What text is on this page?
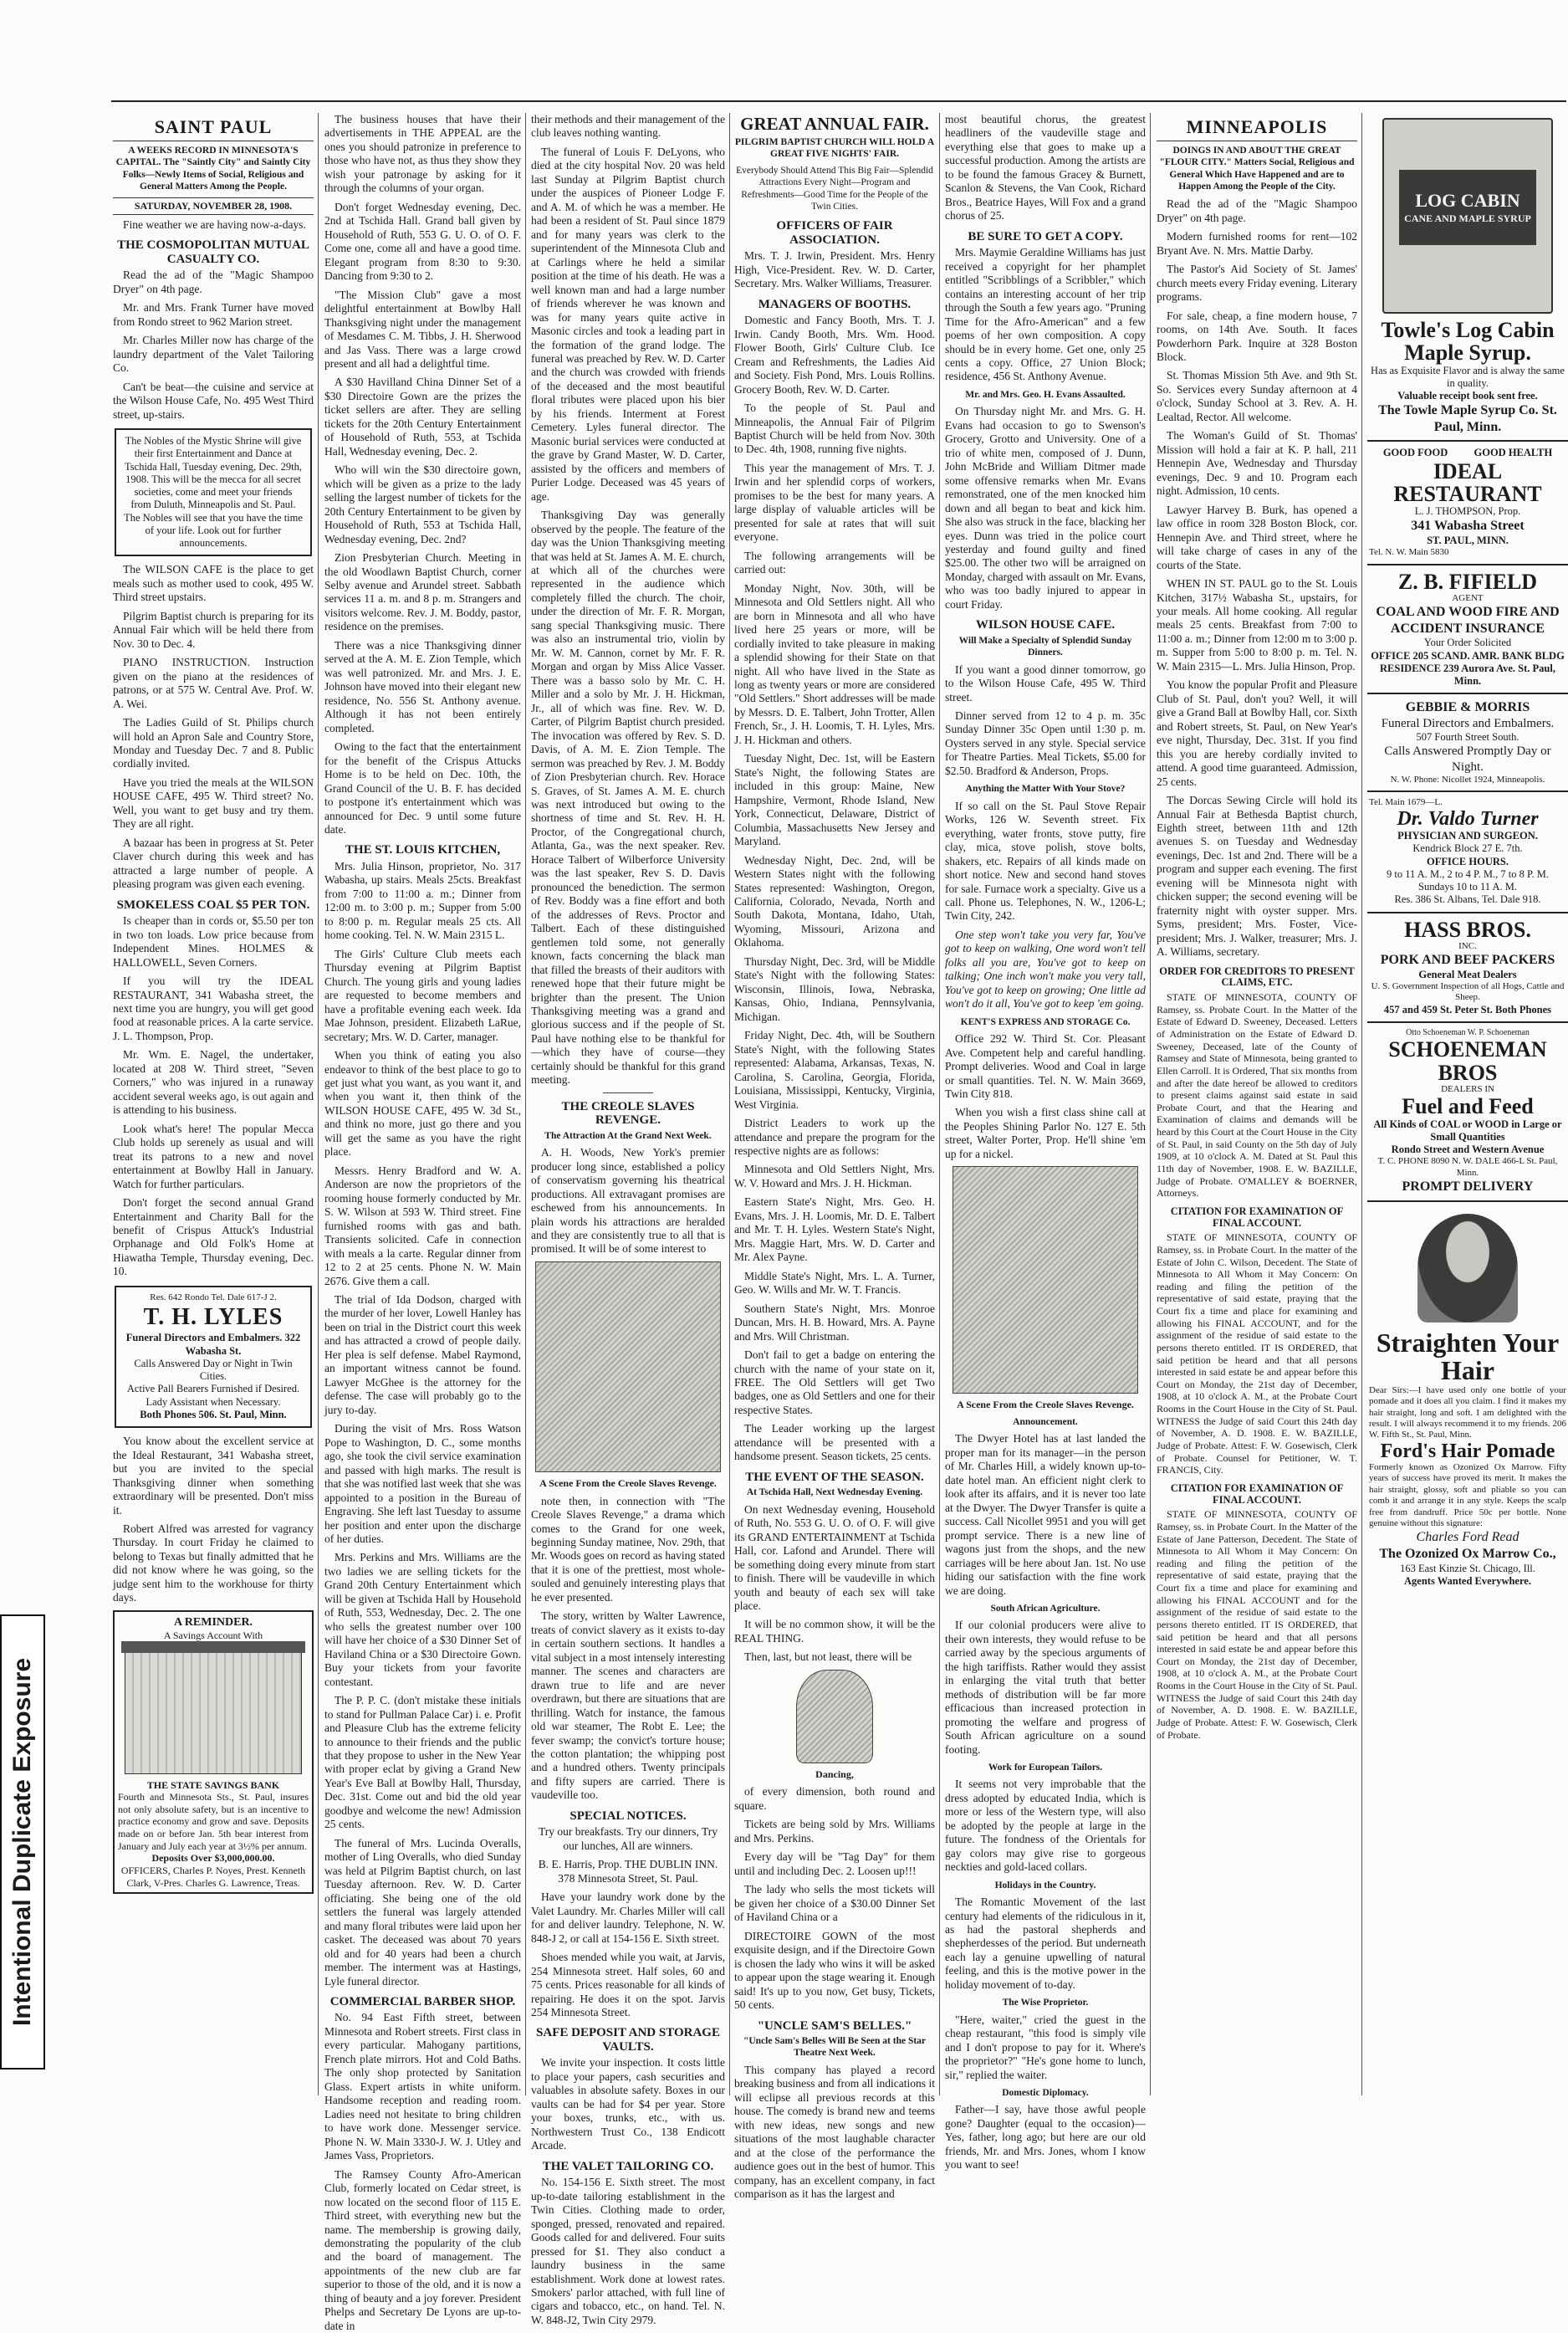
SAINT PAUL
A WEEKS RECORD IN MINNESOTA'S CAPITAL. The "Saintly City" and Saintly City Folks—Newly Items of Social, Religious and General Matters Among the People.
SATURDAY, NOVEMBER 28, 1908.

Fine weather we are having now-a-days.

THE COSMOPOLITAN MUTUAL CASUALTY CO.

Read the ad of the "Magic Shampoo Dryer" on 4th page.

Mr. and Mrs. Frank Turner have moved from Rondo street to 962 Marion street.

Mr. Charles Miller now has charge of the laundry department of the Valet Tailoring Co.

Can't be beat—the cuisine and service at the Wilson House Cafe, No. 495 West Third street, up-stairs.

The Nobles of the Mystic Shrine will give their first Entertainment and Dance at Tschida Hall, Tuesday evening, Dec. 29th, 1908. This will be the mecca for all secret societies, come and meet your friends from Duluth, Minneapolis and St. Paul. The Nobles will see that you have the time of your life. Look out for further announcements.

The WILSON CAFE is the place to get meals such as mother used to cook, 495 W. Third street upstairs.

Pilgrim Baptist church is preparing for its Annual Fair which will be held there from Nov. 30 to Dec. 4.

PIANO INSTRUCTION. Instruction given on the piano at the residences of patrons, or at 575 W. Central Ave. Prof. W. A. Wei.

The Ladies Guild of St. Philips church will hold an Apron Sale and Country Store, Monday and Tuesday Dec. 7 and 8. Public cordially invited.

Have you tried the meals at the WILSON HOUSE CAFE, 495 W. Third street? No. Well, you want to get busy and try them. They are all right.

A bazaar has been in progress at St. Peter Claver church during this week and has attracted a large number of people. A pleasing program was given each evening.

SMOKELESS COAL $5 PER TON.

Is cheaper than in cords or, $5.50 per ton in two ton loads. Low price because from Independent Mines. HOLMES & HALLOWELL, Seven Corners.

If you will try the IDEAL RESTAURANT, 341 Wabasha street, the next time you are hungry, you will get good food at reasonable prices. A la carte service. J. L. Thompson, Prop.

Mr. Wm. E. Nagel, the undertaker, located at 208 W. Third street, "Seven Corners," who was injured in a runaway accident several weeks ago, is out again and is attending to his business.

Look what's here! The popular Mecca Club holds up serenely as usual and will treat its patrons to a new and novel entertainment at Bowlby Hall in January. Watch for further particulars.

Don't forget the second annual Grand Entertainment and Charity Ball for the benefit of Crispus Attuck's Industrial Orphanage and Old Folk's Home at Hiawatha Temple, Thursday evening, Dec. 10.

Res. 642 Rondo Tel. Dale 617-J 2.
T. H. LYLES
Funeral Directors and Embalmers. 322 Wabasha St.
Calls Answered Day or Night in Twin Cities.
Active Pall Bearers Furnished if Desired. Lady Assistant when Necessary.
Both Phones 506. St. Paul, Minn.

You know about the excellent service at the Ideal Restaurant, 341 Wabasha street, but you are invited to the special Thanksgiving dinner when something extraordinary will be presented. Don't miss it.

Robert Alfred was arrested for vagrancy Thursday. In court Friday he claimed to belong to Texas but finally admitted that he did not know where he was going, so the judge sent him to the workhouse for thirty days.

A REMINDER.
A Savings Account With
THE STATE SAVINGS BANK
Fourth and Minnesota Sts., St. Paul, insures not only absolute safety, but is an incentive to practice economy and grow and save. Deposits made on or before Jan. 5th bear interest from January and July each year at 3½% per annum.
Deposits Over $3,000,000.00.
OFFICERS, Charles P. Noyes, Prest. Kenneth Clark, V-Pres. Charles G. Lawrence, Treas.

The business houses that have their advertisements in THE APPEAL are the ones you should patronize in preference to those who have not, as thus they show they wish your patronage by asking for it through the columns of your organ.

Don't forget Wednesday evening, Dec. 2nd at Tschida Hall. Grand ball given by Household of Ruth, 553 G. U. O. of O. F. Come one, come all and have a good time. Elegant program from 8:30 to 9:30. Dancing from 9:30 to 2.

"The Mission Club" gave a most delightful entertainment at Bowlby Hall Thanksgiving night under the management of Mesdames C. M. Tibbs, J. H. Sherwood and Jas Vass. There was a large crowd present and all had a delightful time.

A $30 Havilland China Dinner Set of a $30 Directoire Gown are the prizes the ticket sellers are after. They are selling tickets for the 20th Century Entertainment of Household of Ruth, 553, at Tschida Hall, Wednesday evening, Dec. 2.

Who will win the $30 directoire gown, which will be given as a prize to the lady selling the largest number of tickets for the 20th Century Entertainment to be given by Household of Ruth, 553 at Tschida Hall, Wednesday evening, Dec. 2nd?

Zion Presbyterian Church. Meeting in the old Woodlawn Baptist Church, corner Selby avenue and Arundel street. Sabbath services 11 a. m. and 8 p. m. Strangers and visitors welcome. Rev. J. M. Boddy, pastor, residence on the premises.

There was a nice Thanksgiving dinner served at the A. M. E. Zion Temple, which was well patronized. Mr. and Mrs. J. E. Johnson have moved into their elegant new residence, No. 556 St. Anthony avenue. Although it has not been entirely completed.

Owing to the fact that the entertainment for the benefit of the Crispus Attucks Home is to be held on Dec. 10th, the Grand Council of the U. B. F. has decided to postpone it's entertainment which was announced for Dec. 9 until some future date.

THE ST. LOUIS KITCHEN,

Mrs. Julia Hinson, proprietor, No. 317 Wabasha, up stairs. Meals 25cts. Breakfast from 7:00 to 11:00 a. m.; Dinner from 12:00 m. to 3:00 p. m.; Supper from 5:00 to 8:00 p. m. Regular meals 25 cts. All home cooking. Tel. N. W. Main 2315 L.

The Girls' Culture Club meets each Thursday evening at Pilgrim Baptist Church. The young girls and young ladies are requested to become members and have a profitable evening each week. Ida Mae Johnson, president. Elizabeth LaRue, secretary; Mrs. W. D. Carter, manager.

When you think of eating you also endeavor to think of the best place to go to get just what you want, as you want it, and when you want it, then think of the WILSON HOUSE CAFE, 495 W. 3d St., and think no more, just go there and you will get the same as you have the right place.

Messrs. Henry Bradford and W. A. Anderson are now the proprietors of the rooming house formerly conducted by Mr. S. W. Wilson at 593 W. Third street. Fine furnished rooms with gas and bath. Transients solicited. Cafe in connection with meals a la carte. Regular dinner from 12 to 2 at 25 cents. Phone N. W. Main 2676. Give them a call.

The trial of Ida Dodson, charged with the murder of her lover, Lowell Hanley has been on trial in the District court this week and has attracted a crowd of people daily. Her plea is self defense. Mabel Raymond, an important witness cannot be found. Lawyer McGhee is the attorney for the defense. The case will probably go to the jury to-day.

During the visit of Mrs. Ross Watson Pope to Washington, D. C., some months ago, she took the civil service examination and passed with high marks. The result is that she was notified last week that she was appointed to a position in the Bureau of Engraving. She left last Tuesday to assume her position and enter upon the discharge of her duties.

Mrs. Perkins and Mrs. Williams are the two ladies we are selling tickets for the Grand 20th Century Entertainment which will be given at Tschida Hall by Household of Ruth, 553, Wednesday, Dec. 2. The one who sells the greatest number over 100 will have her choice of a $30 Dinner Set of Haviland China or a $30 Directoire Gown. Buy your tickets from your favorite contestant.

The P. P. C. (don't mistake these initials to stand for Pullman Palace Car) i. e. Profit and Pleasure Club has the extreme felicity to announce to their friends and the public that they propose to usher in the New Year with proper eclat by giving a Grand New Year's Eve Ball at Bowlby Hall, Thursday, Dec. 31st. Come out and bid the old year goodbye and welcome the new! Admission 25 cents.

The funeral of Mrs. Lucinda Overalls, mother of Ling Overalls, who died Sunday was held at Pilgrim Baptist church, on last Tuesday afternoon. Rev. W. D. Carter officiating. She being one of the old settlers the funeral was largely attended and many floral tributes were laid upon her casket. The deceased was about 70 years old and for 40 years had been a church member. The interment was at Hastings, Lyle funeral director.

COMMERCIAL BARBER SHOP.

No. 94 East Fifth street, between Minnesota and Robert streets. First class in every particular. Mahogany partitions, French plate mirrors. Hot and Cold Baths. The only shop protected by Sanitation Glass. Expert artists in white uniform. Handsome reception and reading room. Ladies need not hesitate to bring children to have work done. Messenger service. Phone N. W. Main 3330-J. W. J. Utley and James Vass, Proprietors.

The Ramsey County Afro-American Club, formerly located on Cedar street, is now located on the second floor of 115 E. Third street, with everything new but the name. The membership is growing daily, demonstrating the popularity of the club and the board of management. The appointments of the new club are far superior to those of the old, and it is now a thing of beauty and a joy forever. President Phelps and Secretary De Lyons are up-to-date in

their methods and their management of the club leaves nothing wanting.

The funeral of Louis F. DeLyons, who died at the city hospital Nov. 20 was held last Sunday at Pilgrim Baptist church under the auspices of Pioneer Lodge F. and A. M. of which he was a member. He had been a resident of St. Paul since 1879 and for many years was clerk to the superintendent of the Minnesota Club and at Carlings where he held a similar position at the time of his death. He was a well known man and had a large number of friends wherever he was known and was for many years quite active in Masonic circles and took a leading part in the formation of the grand lodge. The funeral was preached by Rev. W. D. Carter and the church was crowded with friends of the deceased and the most beautiful floral tributes were placed upon his bier by his friends. Interment at Forest Cemetery. Lyles funeral director. The Masonic burial services were conducted at the grave by Grand Master, W. D. Carter, assisted by the officers and members of Purier Lodge. Deceased was 45 years of age.

Thanksgiving Day was generally observed by the people. The feature of the day was the Union Thanksgiving meeting that was held at St. James A. M. E. church, at which all of the churches were represented in the audience which completely filled the church. The choir, under the direction of Mr. F. R. Morgan, sang special Thanksgiving music. There was also an instrumental trio, violin by Mr. W. M. Cannon, cornet by Mr. F. R. Morgan and organ by Miss Alice Vasser. There was a basso solo by Mr. C. H. Miller and a solo by Mr. J. H. Hickman, Jr., all of which was fine. Rev. W. D. Carter, of Pilgrim Baptist church presided. The invocation was offered by Rev. S. D. Davis, of A. M. E. Zion Temple. The sermon was preached by Rev. J. M. Boddy of Zion Presbyterian church. Rev. Horace S. Graves, of St. James A. M. E. church was next introduced but owing to the shortness of time and St. Rev. H. H. Proctor, of the Congregational church, Atlanta, Ga., was the next speaker. Rev. Horace Talbert of Wilberforce University was the last speaker, Rev S. D. Davis pronounced the benediction. The sermon of Rev. Boddy was a fine effort and both of the addresses of Revs. Proctor and Talbert. Each of these distinguished gentlemen told some, not generally known, facts concerning the black man that filled the breasts of their auditors with renewed hope that their future might be brighter than the present. The Union Thanksgiving meeting was a grand and glorious success and if the people of St. Paul have nothing else to be thankful for—which they have of course—they certainly should be thankful for this grand meeting.

THE CREOLE SLAVES REVENGE.
The Attraction At the Grand Next Week.

A. H. Woods, New York's premier producer long since, established a policy of conservatism governing his theatrical productions. All extravagant promises are eschewed from his announcements. In plain words his attractions are heralded and they are consistently true to all that is promised. It will be of some interest to

A Scene From the Creole Slaves Revenge.

note then, in connection with "The Creole Slaves Revenge," a drama which comes to the Grand for one week, beginning Sunday matinee, Nov. 29th, that Mr. Woods goes on record as having stated that it is one of the prettiest, most whole-souled and genuinely interesting plays that he ever presented.

The story, written by Walter Lawrence, treats of convict slavery as it exists to-day in certain southern sections. It handles a vital subject in a most intensely interesting manner. The scenes and characters are drawn true to life and are never overdrawn, but there are situations that are thrilling. Watch for instance, the famous old war steamer, The Robt E. Lee; the fever swamp; the convict's torture house; the cotton plantation; the whipping post and a hundred others. Twenty principals and fifty supers are carried. There is vaudeville too.

SPECIAL NOTICES.

Try our breakfasts. Try our dinners, Try our lunches, All are winners.

B. E. Harris, Prop. THE DUBLIN INN. 378 Minnesota Street, St. Paul.

Have your laundry work done by the Valet Laundry. Mr. Charles Miller will call for and deliver laundry. Telephone, N. W. 848-J 2, or call at 154-156 E. Sixth street.

Shoes mended while you wait, at Jarvis, 254 Minnesota street. Half soles, 60 and 75 cents. Prices reasonable for all kinds of repairing. He does it on the spot. Jarvis 254 Minnesota Street.

SAFE DEPOSIT AND STORAGE VAULTS.

We invite your inspection. It costs little to place your papers, cash securities and valuables in absolute safety. Boxes in our vaults can be had for $4 per year. Store your boxes, trunks, etc., with us. Northwestern Trust Co., 138 Endicott Arcade.

THE VALET TAILORING CO.

No. 154-156 E. Sixth street. The most up-to-date tailoring establishment in the Twin Cities. Clothing made to order, sponged, pressed, renovated and repaired. Goods called for and delivered. Four suits pressed for $1. They also conduct a laundry business in the same establishment. Work done at lowest rates. Smokers' parlor attached, with full line of cigars and tobacco, etc., on hand. Tel. N. W. 848-J2, Twin City 2979.

GREAT ANNUAL FAIR.
PILGRIM BAPTIST CHURCH WILL HOLD A GREAT FIVE NIGHTS' FAIR.
Everybody Should Attend This Big Fair—Splendid Attractions Every Night—Program and Refreshments—Good Time for the People of the Twin Cities.
OFFICERS OF FAIR ASSOCIATION.

Mrs. T. J. Irwin, President. Mrs. Henry High, Vice-President. Rev. W. D. Carter, Secretary. Mrs. Walker Williams, Treasurer.

MANAGERS OF BOOTHS.

Domestic and Fancy Booth, Mrs. T. J. Irwin. Candy Booth, Mrs. Wm. Hood. Flower Booth, Girls' Culture Club. Ice Cream and Refreshments, the Ladies Aid and Society. Fish Pond, Mrs. Louis Rollins. Grocery Booth, Rev. W. D. Carter.

To the people of St. Paul and Minneapolis, the Annual Fair of Pilgrim Baptist Church will be held from Nov. 30th to Dec. 4th, 1908, running five nights.

This year the management of Mrs. T. J. Irwin and her splendid corps of workers, promises to be the best for many years. A large display of valuable articles will be presented for sale at rates that will suit everyone.

The following arrangements will be carried out:

Monday Night, Nov. 30th, will be Minnesota and Old Settlers night. All who are born in Minnesota and all who have lived here 25 years or more, will be cordially invited to take pleasure in making a splendid showing for their State on that night. All who have lived in the State as long as twenty years or more are considered "Old Settlers." Short addresses will be made by Messrs. D. E. Talbert, John Trotter, Allen French, Sr., J. H. Loomis, T. H. Lyles, Mrs. J. H. Hickman and others.

Tuesday Night, Dec. 1st, will be Eastern State's Night, the following States are included in this group: Maine, New Hampshire, Vermont, Rhode Island, New York, Connecticut, Delaware, District of Columbia, Massachusetts New Jersey and Maryland.

Wednesday Night, Dec. 2nd, will be Western States night with the following States represented: Washington, Oregon, California, Colorado, Nevada, North and South Dakota, Montana, Idaho, Utah, Wyoming, Missouri, Arizona and Oklahoma.

Thursday Night, Dec. 3rd, will be Middle State's Night with the following States: Wisconsin, Illinois, Iowa, Nebraska, Kansas, Ohio, Indiana, Pennsylvania, Michigan.

Friday Night, Dec. 4th, will be Southern State's Night, with the following States represented: Alabama, Arkansas, Texas, N. Carolina, S. Carolina, Georgia, Florida, Louisiana, Mississippi, Kentucky, Virginia, West Virginia.

District Leaders to work up the attendance and prepare the program for the respective nights are as follows:

Minnesota and Old Settlers Night, Mrs. W. V. Howard and Mrs. J. H. Hickman.

Eastern State's Night, Mrs. Geo. H. Evans, Mrs. J. H. Loomis, Mr. D. E. Talbert and Mr. T. H. Lyles. Western State's Night, Mrs. Maggie Hart, Mrs. W. D. Carter and Mr. Alex Payne.

Middle State's Night, Mrs. L. A. Turner, Geo. W. Wills and Mr. W. T. Francis.

Southern State's Night, Mrs. Monroe Duncan, Mrs. H. B. Howard, Mrs. A. Payne and Mrs. Will Christman.

Don't fail to get a badge on entering the church with the name of your state on it, FREE. The Old Settlers will get Two badges, one as Old Settlers and one for their respective States.

The Leader working up the largest attendance will be presented with a handsome present. Season tickets, 25 cents.

THE EVENT OF THE SEASON.
At Tschida Hall, Next Wednesday Evening.

On next Wednesday evening, Household of Ruth, No. 553 G. U. O. of O. F. will give its GRAND ENTERTAINMENT at Tschida Hall, cor. Lafond and Arundel. There will be something doing every minute from start to finish. There will be vaudeville in which youth and beauty of each sex will take place.

It will be no common show, it will be the REAL THING.

Then, last, but not least, there will be

Dancing,

of every dimension, both round and square.

Tickets are being sold by Mrs. Williams and Mrs. Perkins.

Every day will be "Tag Day" for them until and including Dec. 2. Loosen up!!!

The lady who sells the most tickets will be given her choice of a $30.00 Dinner Set of Haviland China or a

DIRECTOIRE GOWN of the most exquisite design, and if the Directoire Gown is chosen the lady who wins it will be asked to appear upon the stage wearing it. Enough said! It's up to you now, Get busy, Tickets, 50 cents.

"UNCLE SAM'S BELLES."
"Uncle Sam's Belles Will Be Seen at the Star Theatre Next Week.

This company has played a record breaking business and from all indications it will eclipse all previous records at this house. The comedy is brand new and teems with new ideas, new songs and new situations of the most laughable character and at the close of the performance the audience goes out in the best of humor. This company, has an excellent company, in fact comparison as it has the largest and

most beautiful chorus, the greatest headliners of the vaudeville stage and everything else that goes to make up a successful production. Among the artists are to be found the famous Gracey & Burnett, Scanlon & Stevens, the Van Cook, Richard Bros., Beatrice Hayes, Will Fox and a grand chorus of 25.

BE SURE TO GET A COPY.

Mrs. Maymie Geraldine Williams has just received a copyright for her phamplet entitled "Scribblings of a Scribbler," which contains an interesting account of her trip through the South a few years ago. "Pruning Time for the Afro-American" and a few poems of her own composition. A copy should be in every home. Get one, only 25 cents a copy. Office, 27 Union Block; residence, 456 St. Anthony Avenue.

Mr. and Mrs. Geo. H. Evans Assaulted.

On Thursday night Mr. and Mrs. G. H. Evans had occasion to go to Swenson's Grocery, Grotto and University. One of a trio of white men, composed of J. Dunn, John McBride and William Ditmer made some offensive remarks when Mr. Evans remonstrated, one of the men knocked him down and all began to beat and kick him. She also was struck in the face, blacking her eyes. Dunn was tried in the police court yesterday and found guilty and fined $25.00. The other two will be arraigned on Monday, charged with assault on Mr. Evans, who was too badly injured to appear in court Friday.

WILSON HOUSE CAFE.
Will Make a Specialty of Splendid Sunday Dinners.

If you want a good dinner tomorrow, go to the Wilson House Cafe, 495 W. Third street.

Dinner served from 12 to 4 p. m. 35c Sunday Dinner 35c Open until 1:30 p. m. Oysters served in any style. Special service for Theatre Parties. Meal Tickets, $5.00 for $2.50. Bradford & Anderson, Props.

Anything the Matter With Your Stove?

If so call on the St. Paul Stove Repair Works, 126 W. Seventh street. Fix everything, water fronts, stove putty, fire clay, mica, stove polish, stove bolts, shakers, etc. Repairs of all kinds made on short notice. New and second hand stoves for sale. Furnace work a specialty. Give us a call. Phone us. Telephones, N. W., 1206-L; Twin City, 242.

One step won't take you very far, You've got to keep on walking, One word won't tell folks all you are, You've got to keep on talking; One inch won't make you very tall, You've got to keep on growing; One little ad won't do it all, You've got to keep 'em going.

KENT'S EXPRESS AND STORAGE Co.

Office 292 W. Third St. Cor. Pleasant Ave. Competent help and careful handling. Prompt deliveries. Wood and Coal in large or small quantities. Tel. N. W. Main 3669, Twin City 818.

When you wish a first class shine call at the Peoples Shining Parlor No. 127 E. 5th street, Walter Porter, Prop. He'll shine 'em up for a nickel.

A Scene From the Creole Slaves Revenge.
Announcement.

The Dwyer Hotel has at last landed the proper man for its manager—in the person of Mr. Charles Hill, a widely known up-to-date hotel man. An efficient night clerk to look after its affairs, and it is never too late at the Dwyer. The Dwyer Transfer is quite a success. Call Nicollet 9951 and you will get prompt service. There is a new line of wagons just from the shops, and the new carriages will be here about Jan. 1st. No use hiding our satisfaction with the fine work we are doing.

South African Agriculture.

If our colonial producers were alive to their own interests, they would refuse to be carried away by the specious arguments of the high tariffists. Rather would they assist in enlarging the vital truth that better methods of distribution will be far more efficacious than increased protection in promoting the welfare and progress of South African agriculture on a sound footing.

Work for European Tailors.

It seems not very improbable that the dress adopted by educated India, which is more or less of the Western type, will also be adopted by the people at large in the future. The fondness of the Orientals for gay colors may give rise to gorgeous neckties and gold-laced collars.

Holidays in the Country.

The Romantic Movement of the last century had elements of the ridiculous in it, as had the pastoral shepherds and shepherdesses of the period. But underneath each lay a genuine upwelling of natural feeling, and this is the motive power in the holiday movement of to-day.

The Wise Proprietor.

"Here, waiter," cried the guest in the cheap restaurant, "this food is simply vile and I don't propose to pay for it. Where's the proprietor?" "He's gone home to lunch, sir," replied the waiter.

Domestic Diplomacy.

Father—I say, have those awful people gone? Daughter (equal to the occasion)—Yes, father, long ago; but here are our old friends, Mr. and Mrs. Jones, whom I know you want to see!

MINNEAPOLIS
DOINGS IN AND ABOUT THE GREAT "FLOUR CITY." Matters Social, Religious and General Which Have Happened and are to Happen Among the People of the City.

Read the ad of the "Magic Shampoo Dryer" on 4th page.

Modern furnished rooms for rent—102 Bryant Ave. N. Mrs. Mattie Darby.

The Pastor's Aid Society of St. James' church meets every Friday evening. Literary programs.

For sale, cheap, a fine modern house, 7 rooms, on 14th Ave. South. It faces Powderhorn Park. Inquire at 328 Boston Block.

St. Thomas Mission 5th Ave. and 9th St. So. Services every Sunday afternoon at 4 o'clock, Sunday School at 3. Rev. A. H. Lealtad, Rector. All welcome.

The Woman's Guild of St. Thomas' Mission will hold a fair at K. P. hall, 211 Hennepin Ave, Wednesday and Thursday evenings, Dec. 9 and 10. Program each night. Admission, 10 cents.

Lawyer Harvey B. Burk, has opened a law office in room 328 Boston Block, cor. Hennepin Ave. and Third street, where he will take charge of cases in any of the courts of the State.

WHEN IN ST. PAUL go to the St. Louis Kitchen, 317½ Wabasha St., upstairs, for your meals. All home cooking. All regular meals 25 cents. Breakfast from 7:00 to 11:00 a. m.; Dinner from 12:00 m to 3:00 p. m. Supper from 5:00 to 8:00 p. m. Tel. N. W. Main 2315—L. Mrs. Julia Hinson, Prop.

You know the popular Profit and Pleasure Club of St. Paul, don't you? Well, it will give a Grand Ball at Bowlby Hall, cor. Sixth and Robert streets, St. Paul, on New Year's eve night, Thursday, Dec. 31st. If you find this you are hereby cordially invited to attend. A good time guaranteed. Admission, 25 cents.

The Dorcas Sewing Circle will hold its Annual Fair at Bethesda Baptist church, Eighth street, between 11th and 12th avenues S. on Tuesday and Wednesday evenings, Dec. 1st and 2nd. There will be a program and supper each evening. The first evening will be Minnesota night with chicken supper; the second evening will be fraternity night with oyster supper. Mrs. Syms, president; Mrs. Foster, Vice-president; Mrs. J. Walker, treasurer; Mrs. J. A. Williams, secretary.

ORDER FOR CREDITORS TO PRESENT CLAIMS, ETC.

STATE OF MINNESOTA, COUNTY OF Ramsey, ss. Probate Court. In the Matter of the Estate of Edward D. Sweeney, Deceased. Letters of Administration on the Estate of Edward D. Sweeney, Deceased, late of the County of Ramsey and State of Minnesota, being granted to Ellen Carroll. It is Ordered, That six months from and after the date hereof be allowed to creditors to present claims against said estate in said Probate Court, and that the Hearing and Examination of claims and demands will be heard by this Court at the Court House in the City of St. Paul, in said County on the 5th day of July 1909, at 10 o'clock A. M. Dated at St. Paul this 11th day of November, 1908. E. W. BAZILLE, Judge of Probate. O'MALLEY & BOERNER, Attorneys.

CITATION FOR EXAMINATION OF FINAL ACCOUNT.

STATE OF MINNESOTA, COUNTY OF Ramsey, ss. in Probate Court. In the matter of the Estate of John C. Wilson, Decedent. The State of Minnesota to All Whom it May Concern: On reading and filing the petition of the representative of said estate, praying that the Court fix a time and place for examining and allowing his FINAL ACCOUNT, and for the assignment of the residue of said estate to the persons thereto entitled. IT IS ORDERED, that said petition be heard and that all persons interested in said estate be and appear before this Court on Monday, the 21st day of December, 1908, at 10 o'clock A. M., at the Probate Court Rooms in the Court House in the City of St. Paul. WITNESS the Judge of said Court this 24th day of November, A. D. 1908. E. W. BAZILLE, Judge of Probate. Attest: F. W. Gosewisch, Clerk of Probate. Counsel for Petitioner, W. T. FRANCIS, City.

CITATION FOR EXAMINATION OF FINAL ACCOUNT.

STATE OF MINNESOTA, COUNTY OF Ramsey, ss. in Probate Court. In the Matter of the Estate of Jane Patterson, Decedent. The State of Minnesota to All Whom it May Concern: On reading and filing the petition of the representative of said estate, praying that the Court fix a time and place for examining and allowing his FINAL ACCOUNT and for the assignment of the residue of said estate to the persons thereto entitled. IT IS ORDERED, that said petition be heard and that all persons interested in said estate be and appear before this Court on Monday, the 21st day of December, 1908, at 10 o'clock A. M., at the Probate Court Rooms in the Court House in the City of St. Paul. WITNESS the Judge of said Court this 24th day of November, A. D. 1908. E. W. BAZILLE, Judge of Probate. Attest: F. W. Gosewisch, Clerk of Probate.

LOG CABIN
CANE AND MAPLE SYRUP
Towle's Log Cabin Maple Syrup.
Has as Exquisite Flavor and is alway the same in quality.
Valuable receipt book sent free.
The Towle Maple Syrup Co. St. Paul, Minn.
GOOD FOOD          GOOD HEALTH
IDEAL RESTAURANT
L. J. THOMPSON, Prop.
341 Wabasha Street
ST. PAUL, MINN.
Tel. N. W. Main 5830
Z. B. FIFIELD
AGENT
COAL AND WOOD FIRE AND ACCIDENT INSURANCE
Your Order Solicited
OFFICE 205 SCAND. AMR. BANK BLDG
RESIDENCE 239 Aurora Ave. St. Paul, Minn.
GEBBIE & MORRIS
Funeral Directors and Embalmers.
507 Fourth Street South.
Calls Answered Promptly Day or Night.
N. W. Phone: Nicollet 1924, Minneapolis.
Tel. Main 1679—L.
Dr. Valdo Turner
PHYSICIAN AND SURGEON.
Kendrick Block 27 E. 7th.
OFFICE HOURS.
9 to 11 A. M., 2 to 4 P. M., 7 to 8 P. M. Sundays 10 to 11 A. M.
Res. 386 St. Albans, Tel. Dale 918.
HASS BROS.
INC.
PORK AND BEEF PACKERS
General Meat Dealers
U. S. Government Inspection of all Hogs, Cattle and Sheep.
457 and 459 St. Peter St. Both Phones
Otto Schoeneman W. P. Schoeneman
SCHOENEMAN BROS
DEALERS IN
Fuel and Feed
All Kinds of COAL or WOOD in Large or Small Quantities
Rondo Street and Western Avenue
T. C. PHONE 8090 N. W. DALE 466-L St. Paul, Minn.
PROMPT DELIVERY
Straighten Your Hair
Dear Sirs:—I have used only one bottle of your pomade and it does all you claim. I find it makes my hair straight, long and soft. I am delighted with the result. I will always recommend it to my friends. 206 W. Fifth St., St. Paul, Minn.
Ford's Hair Pomade
Formerly known as Ozonized Ox Marrow. Fifty years of success have proved its merit. It makes the hair straight, glossy, soft and pliable so you can comb it and arrange it in any style. Keeps the scalp free from dandruff. Price 50c per bottle. None genuine without this signature:
Charles Ford Read
The Ozonized Ox Marrow Co.,
163 East Kinzie St. Chicago, Ill.
Agents Wanted Everywhere.
Intentional Duplicate Exposure
